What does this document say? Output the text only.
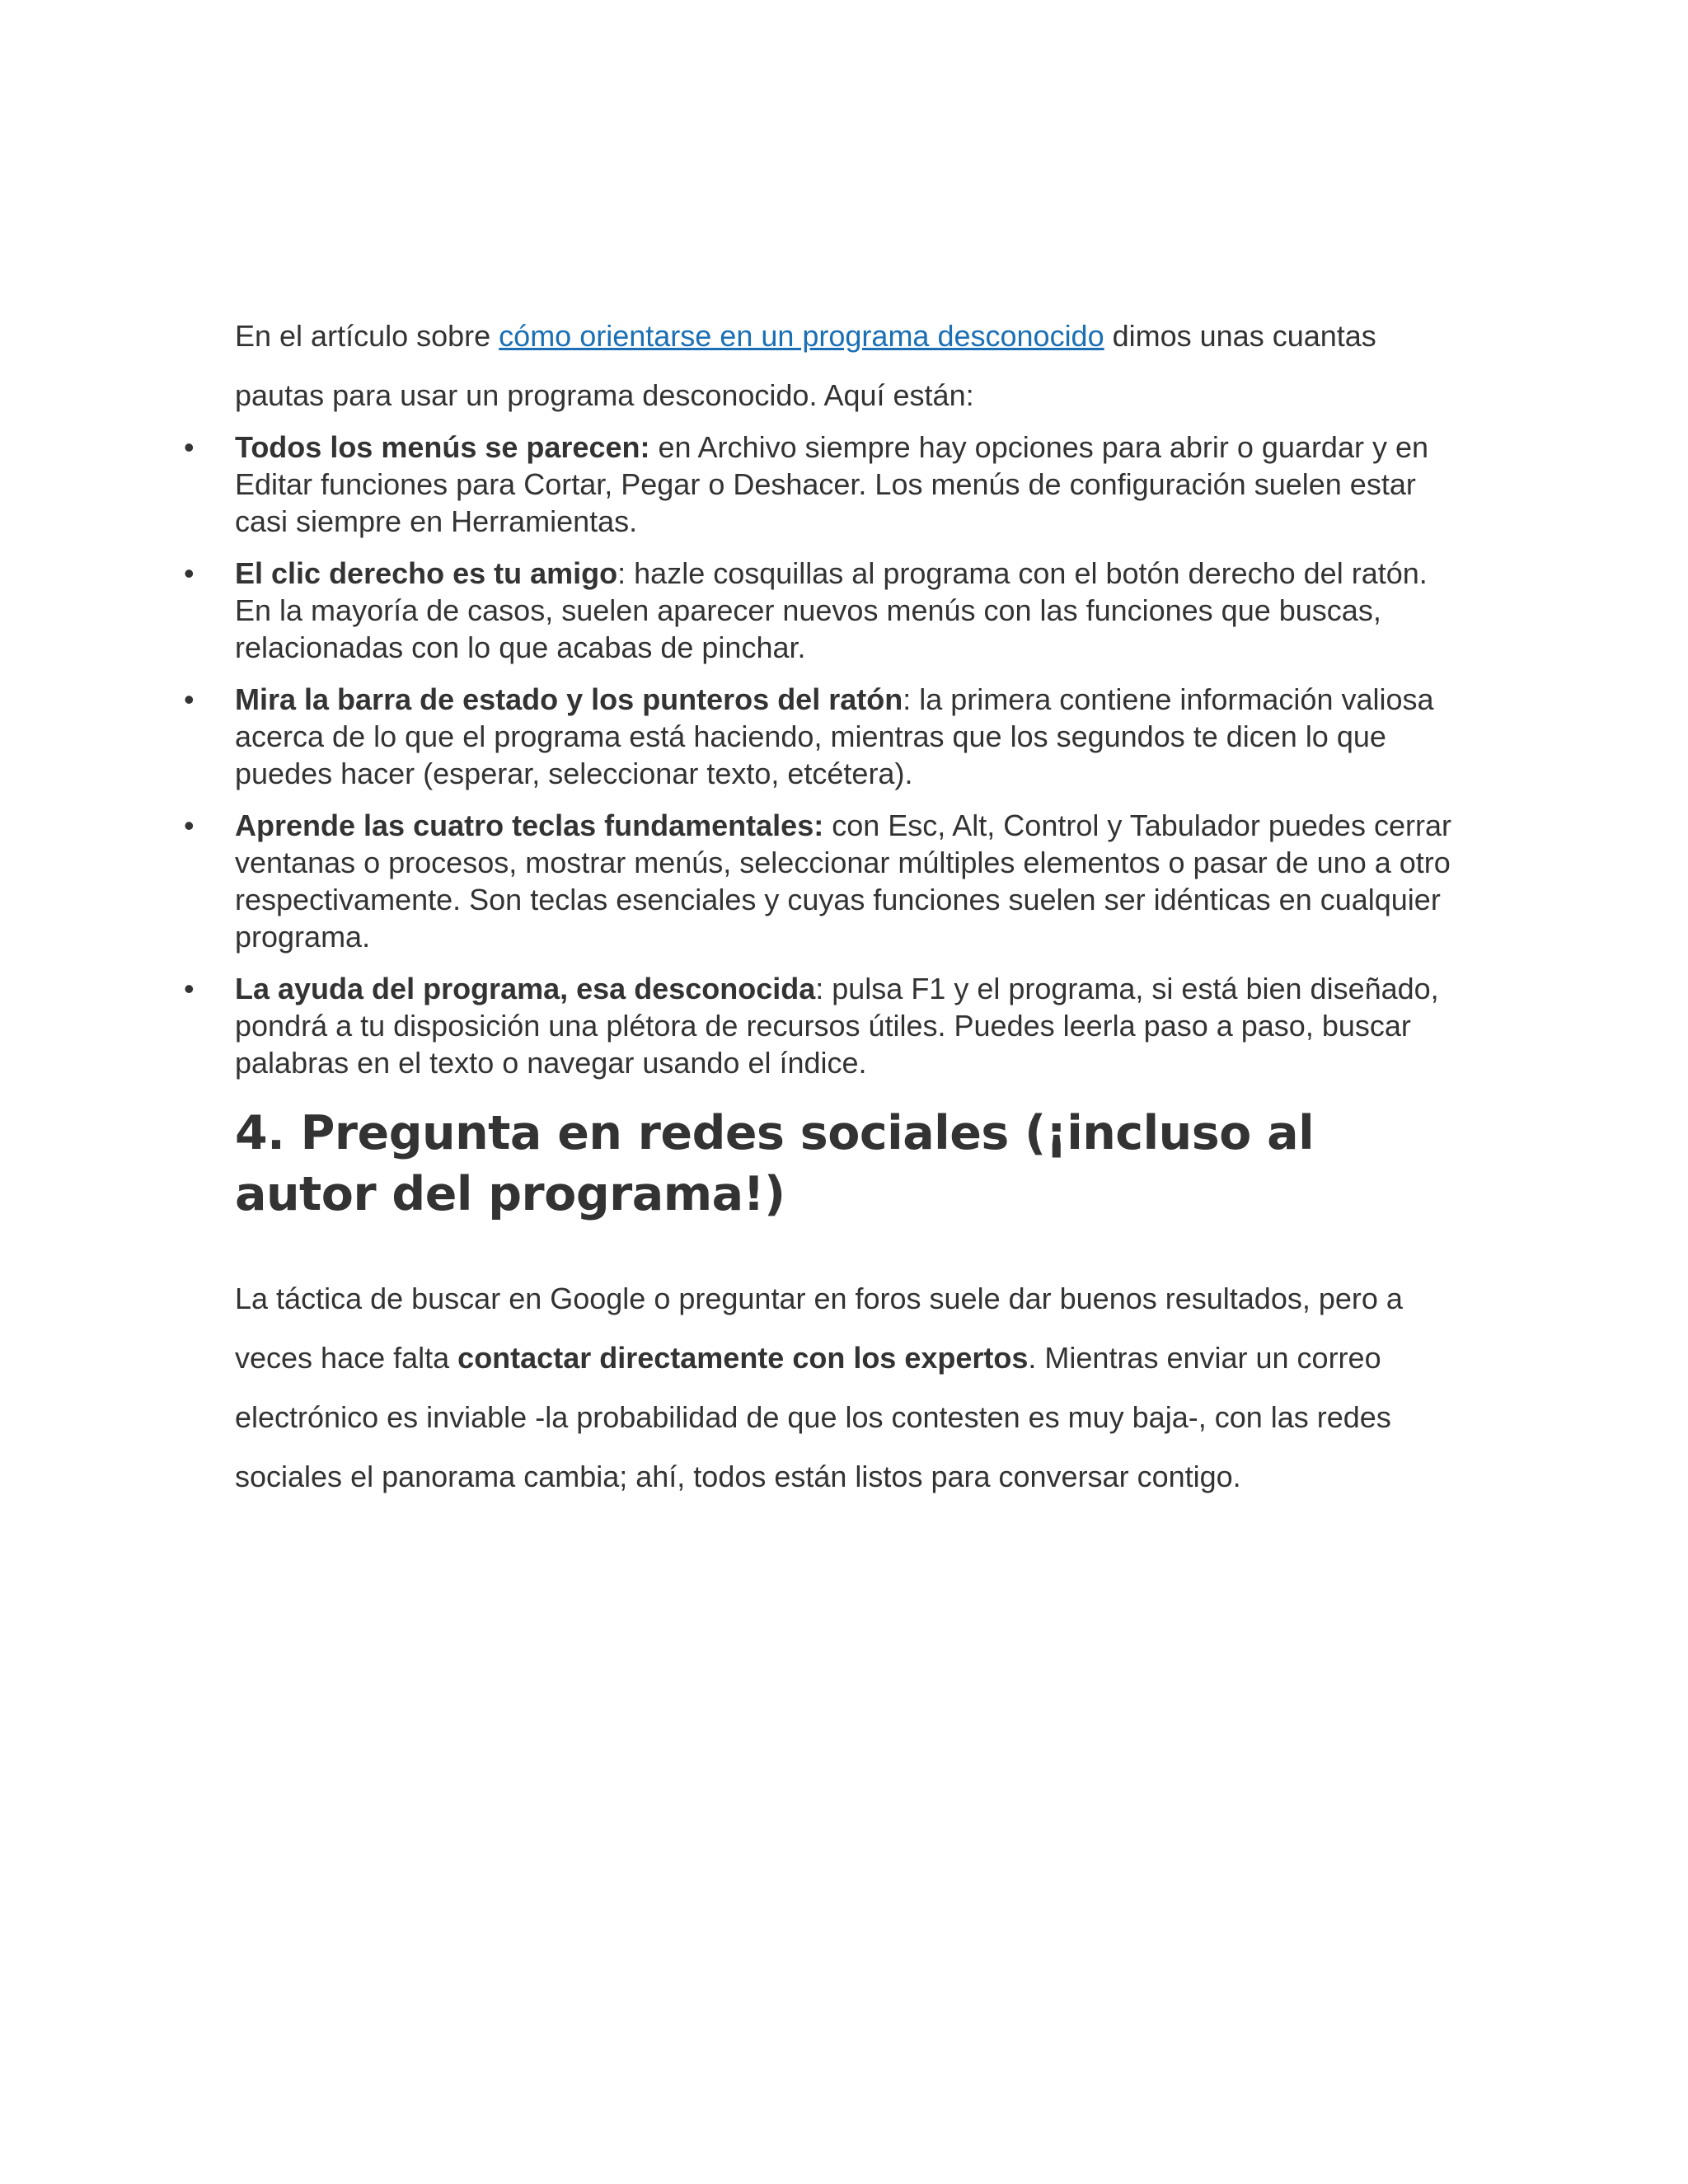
En el artículo sobre cómo orientarse en un programa desconocido dimos unas cuantas pautas para usar un programa desconocido. Aquí están:

• Todos los menús se parecen: en Archivo siempre hay opciones para abrir o guardar y en Editar funciones para Cortar, Pegar o Deshacer. Los menús de configuración suelen estar casi siempre en Herramientas.
• El clic derecho es tu amigo: hazle cosquillas al programa con el botón derecho del ratón. En la mayoría de casos, suelen aparecer nuevos menús con las funciones que buscas, relacionadas con lo que acabas de pinchar.
• Mira la barra de estado y los punteros del ratón: la primera contiene información valiosa acerca de lo que el programa está haciendo, mientras que los segundos te dicen lo que puedes hacer (esperar, seleccionar texto, etcétera).
• Aprende las cuatro teclas fundamentales: con Esc, Alt, Control y Tabulador puedes cerrar ventanas o procesos, mostrar menús, seleccionar múltiples elementos o pasar de uno a otro respectivamente. Son teclas esenciales y cuyas funciones suelen ser idénticas en cualquier programa.
• La ayuda del programa, esa desconocida: pulsa F1 y el programa, si está bien diseñado, pondrá a tu disposición una plétora de recursos útiles. Puedes leerla paso a paso, buscar palabras en el texto o navegar usando el índice.
4. Pregunta en redes sociales (¡incluso al autor del programa!)

La táctica de buscar en Google o preguntar en foros suele dar buenos resultados, pero a veces hace falta contactar directamente con los expertos. Mientras enviar un correo electrónico es inviable -la probabilidad de que los contesten es muy baja-, con las redes sociales el panorama cambia; ahí, todos están listos para conversar contigo.
